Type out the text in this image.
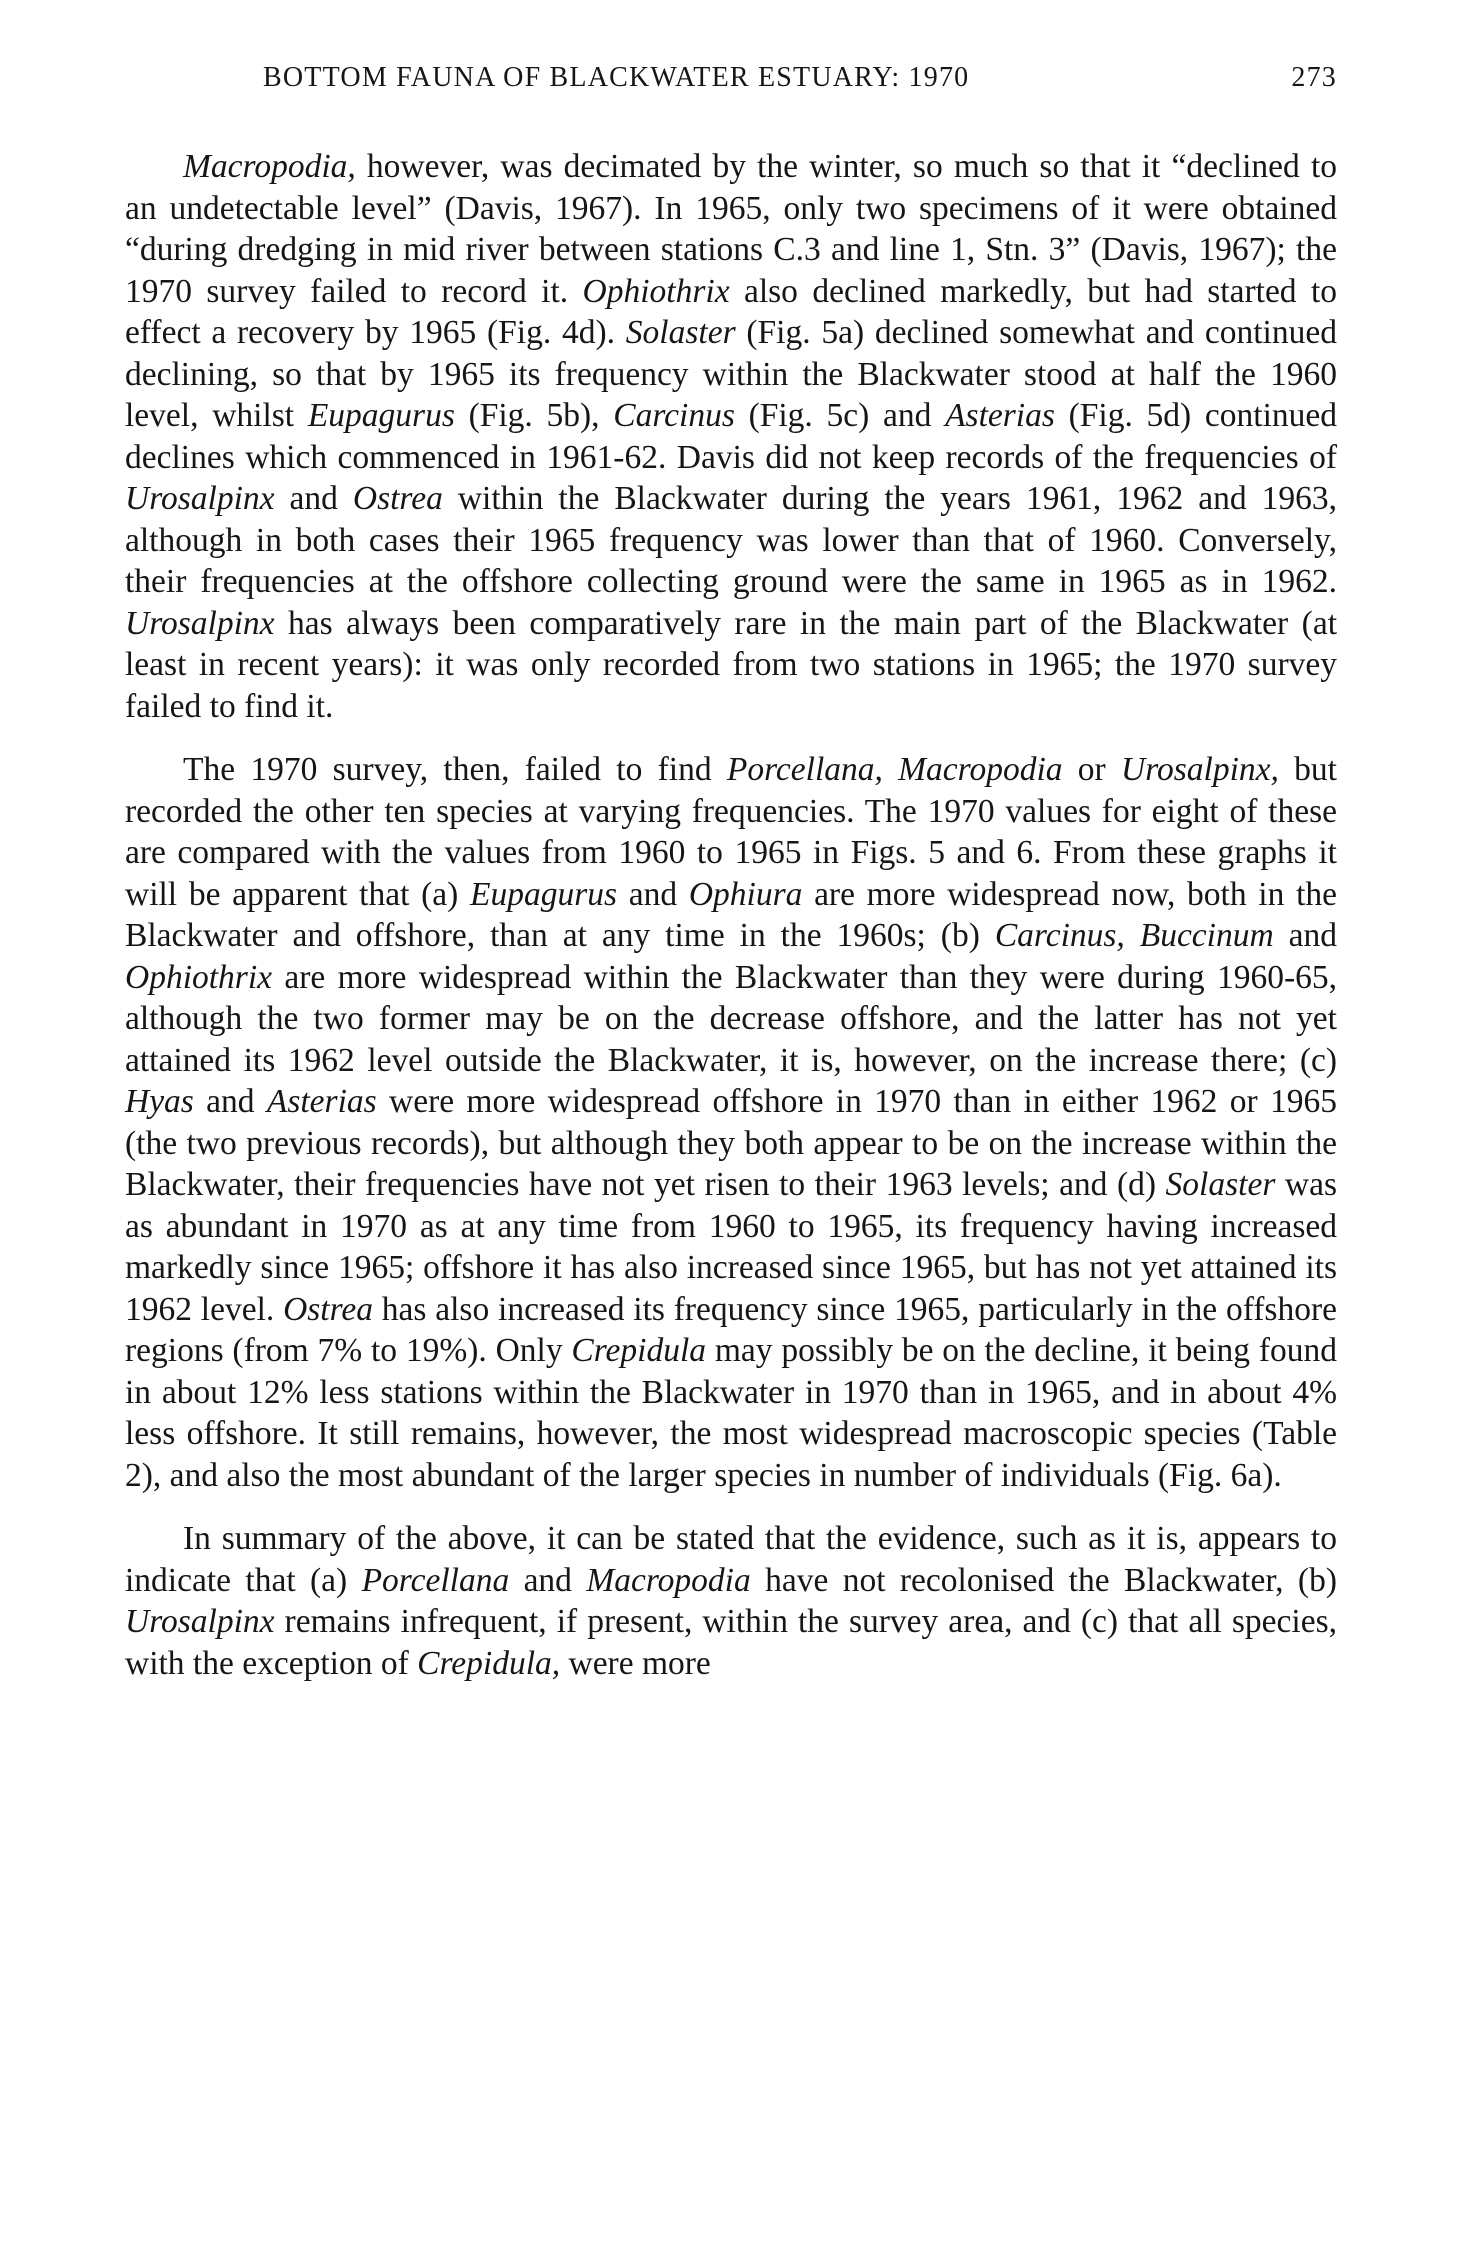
BOTTOM FAUNA OF BLACKWATER ESTUARY: 1970	273

Macropodia, however, was decimated by the winter, so much so that it “declined to an undetectable level” (Davis, 1967). In 1965, only two specimens of it were obtained “during dredging in mid river between stations C.3 and line 1, Stn. 3” (Davis, 1967); the 1970 survey failed to record it. Ophiothrix also declined markedly, but had started to effect a recovery by 1965 (Fig. 4d). Solaster (Fig. 5a) declined somewhat and continued declining, so that by 1965 its frequency within the Blackwater stood at half the 1960 level, whilst Eupagurus (Fig. 5b), Carcinus (Fig. 5c) and Asterias (Fig. 5d) continued declines which commenced in 1961-62. Davis did not keep records of the frequencies of Urosalpinx and Ostrea within the Blackwater during the years 1961, 1962 and 1963, although in both cases their 1965 frequency was lower than that of 1960. Conversely, their frequencies at the offshore collecting ground were the same in 1965 as in 1962. Urosalpinx has always been comparatively rare in the main part of the Blackwater (at least in recent years): it was only recorded from two stations in 1965; the 1970 survey failed to find it.

The 1970 survey, then, failed to find Porcellana, Macropodia or Urosalpinx, but recorded the other ten species at varying frequencies. The 1970 values for eight of these are compared with the values from 1960 to 1965 in Figs. 5 and 6. From these graphs it will be apparent that (a) Eupagurus and Ophiura are more widespread now, both in the Blackwater and offshore, than at any time in the 1960s; (b) Carcinus, Buccinum and Ophiothrix are more widespread within the Blackwater than they were during 1960-65, although the two former may be on the decrease offshore, and the latter has not yet attained its 1962 level outside the Blackwater, it is, however, on the increase there; (c) Hyas and Asterias were more widespread offshore in 1970 than in either 1962 or 1965 (the two previous records), but although they both appear to be on the increase within the Blackwater, their frequencies have not yet risen to their 1963 levels; and (d) Solaster was as abundant in 1970 as at any time from 1960 to 1965, its frequency having increased markedly since 1965; offshore it has also increased since 1965, but has not yet attained its 1962 level. Ostrea has also increased its frequency since 1965, particularly in the offshore regions (from 7% to 19%). Only Crepidula may possibly be on the decline, it being found in about 12% less stations within the Blackwater in 1970 than in 1965, and in about 4% less offshore. It still remains, however, the most widespread macroscopic species (Table 2), and also the most abundant of the larger species in number of individuals (Fig. 6a).

In summary of the above, it can be stated that the evidence, such as it is, appears to indicate that (a) Porcellana and Macropodia have not recolonised the Blackwater, (b) Urosalpinx remains infrequent, if present, within the survey area, and (c) that all species, with the exception of Crepidula, were more
